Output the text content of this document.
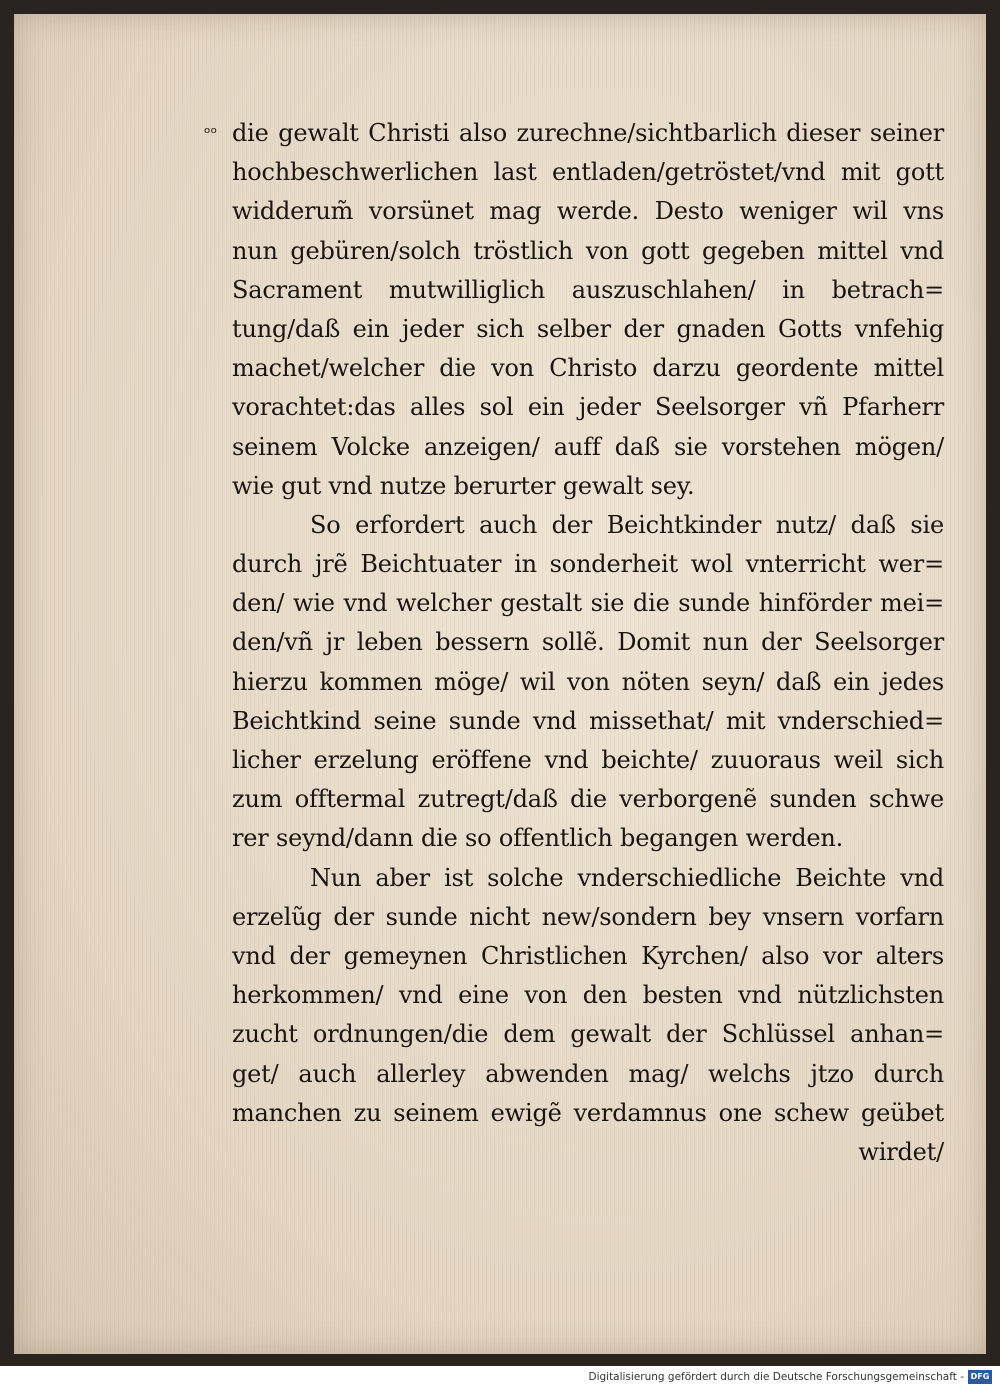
ₒₒ die gewalt Christi also zurechne/sichtbarlich dieser seiner
hochbeschwerlichen last entladen/getröstet/vnd mit gott
widderum̃ vorsünet mag werde. Desto weniger wil vns
nun gebüren/solch tröstlich von gott gegeben mittel vnd
Sacrament mutwilliglich auszuschlahen/ in betrach=
tung/daß ein jeder sich selber der gnaden Gotts vnfehig
machet/welcher die von Christo darzu geordente mittel
vorachtet:das alles sol ein jeder Seelsorger vñ Pfarherr
seinem Volcke anzeigen/ auff daß sie vorstehen mögen/
wie gut vnd nutze berurter gewalt sey.
So erfordert auch der Beichtkinder nutz/ daß sie
durch jrẽ Beichtuater in sonderheit wol vnterricht wer=
den/ wie vnd welcher gestalt sie die sunde hinförder mei=
den/vñ jr leben bessern sollẽ. Domit nun der Seelsorger
hierzu kommen möge/ wil von nöten seyn/ daß ein jedes
Beichtkind seine sunde vnd missethat/ mit vnderschied=
licher erzelung eröffene vnd beichte/ zuuoraus weil sich
zum offtermal zutregt/daß die verborgenẽ sunden schwe
rer seynd/dann die so offentlich begangen werden.
Nun aber ist solche vnderschiedliche Beichte vnd
erzelũg der sunde nicht new/sondern bey vnsern vorfarn
vnd der gemeynen Christlichen Kyrchen/ also vor alters
herkommen/ vnd eine von den besten vnd nützlichsten
zucht ordnungen/die dem gewalt der Schlüssel anhan=
get/ auch allerley abwenden mag/ welchs jtzo durch
manchen zu seinem ewigẽ verdamnus one schew geübet
wirdet/
Digitalisierung gefördert durch die Deutsche Forschungsgemeinschaft - DFG
